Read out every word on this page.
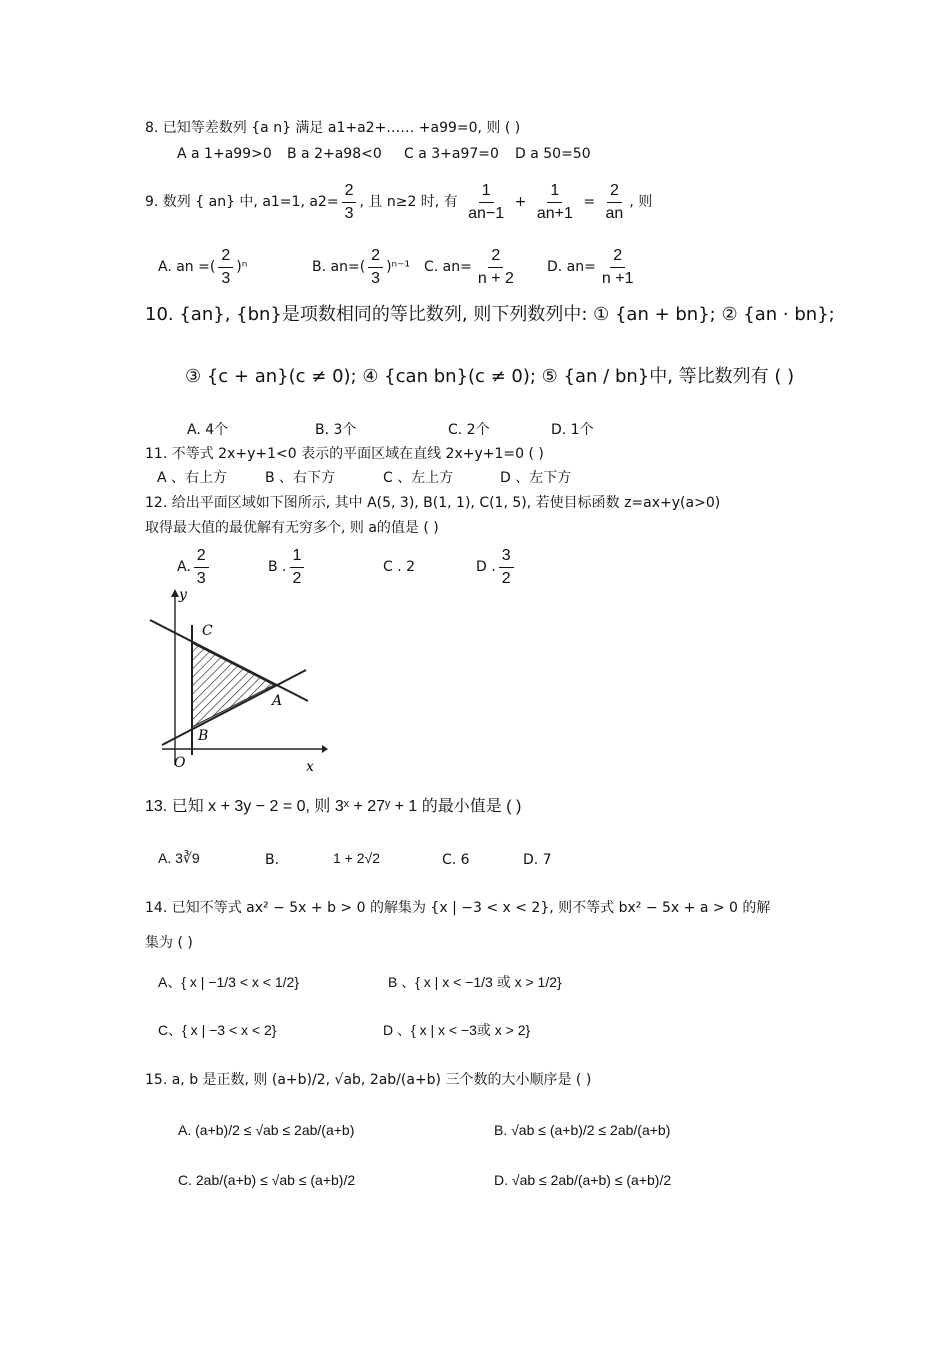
8. 已知等差数列 {a n} 满足 a1+a2+…… +a99=0, 则 ( )
A a 1+a99>0 B a 2+a98<0 C a 3+a97=0 D a 50=50
9. 数列 { an} 中, a1=1, $a2= \frac{2}{3}$ , 且 n≥2 时, 有 $\frac{1}{an-1} + \frac{1}{an+1} = \frac{2}{an}$ , 则
A. an =( $\frac{2}{3} )^n$	B. $an=( \frac{2}{3} )^{n-1}$ C. $an= \frac{2}{n + 2} D$. $an= \frac{2}{n +1}$
10. {an}, {bn}是项数相同的等比数列, 则下列数列中: ① {an + bn}; ② {an · bn};
③ {c + an}(c ≠ 0); ④ {can bn}(c ≠ 0); ⑤ {an / bn}中, 等比数列有 ( )
A. 4个	B. 3个	C. 2个	D. 1个
11. 不等式 2x+y+1<0 表示的平面区域在直线 2x+y+1=0 ( )
A 、右上方	B 、右下方	C 、左上方	D 、左下方
12. 给出平面区域如下图所示, 其中 A(5, 3), B(1, 1), C(1, 5), 若使目标函数 z=ax+y(a>0)
取得最大值的最优解有无穷多个, 则 a的值是 ( )
A. $\frac{2}{3}$	B . $\frac{1}{2}$	C . 2	D . $\frac{3}{2}$
y
C
A
B
O	x
13. 已知 x + 3y − 2 = 0, 则 3ˣ + 27ʸ + 1 的最小值是 ( )
A. 3∛9	B.	1 + 2√2	C. 6	D. 7
14. 已知不等式 ax² − 5x + b > 0 的解集为 {x | −3 < x < 2}, 则不等式 bx² − 5x + a > 0 的解
集为 ( )
A、{ x | −1/3 < x < 1/2}	B 、{ x | x < −1/3 或 x > 1/2}
C、{ x | −3 < x < 2}	D 、{ x | x < −3或 x > 2}
15. a, b 是正数, 则 (a+b)/2, √ab, 2ab/(a+b) 三个数的大小顺序是 ( )
A. (a+b)/2 ≤ √ab ≤ 2ab/(a+b)	B. √ab ≤ (a+b)/2 ≤ 2ab/(a+b)
C. 2ab/(a+b) ≤ √ab ≤ (a+b)/2	D. √ab ≤ 2ab/(a+b) ≤ (a+b)/2
